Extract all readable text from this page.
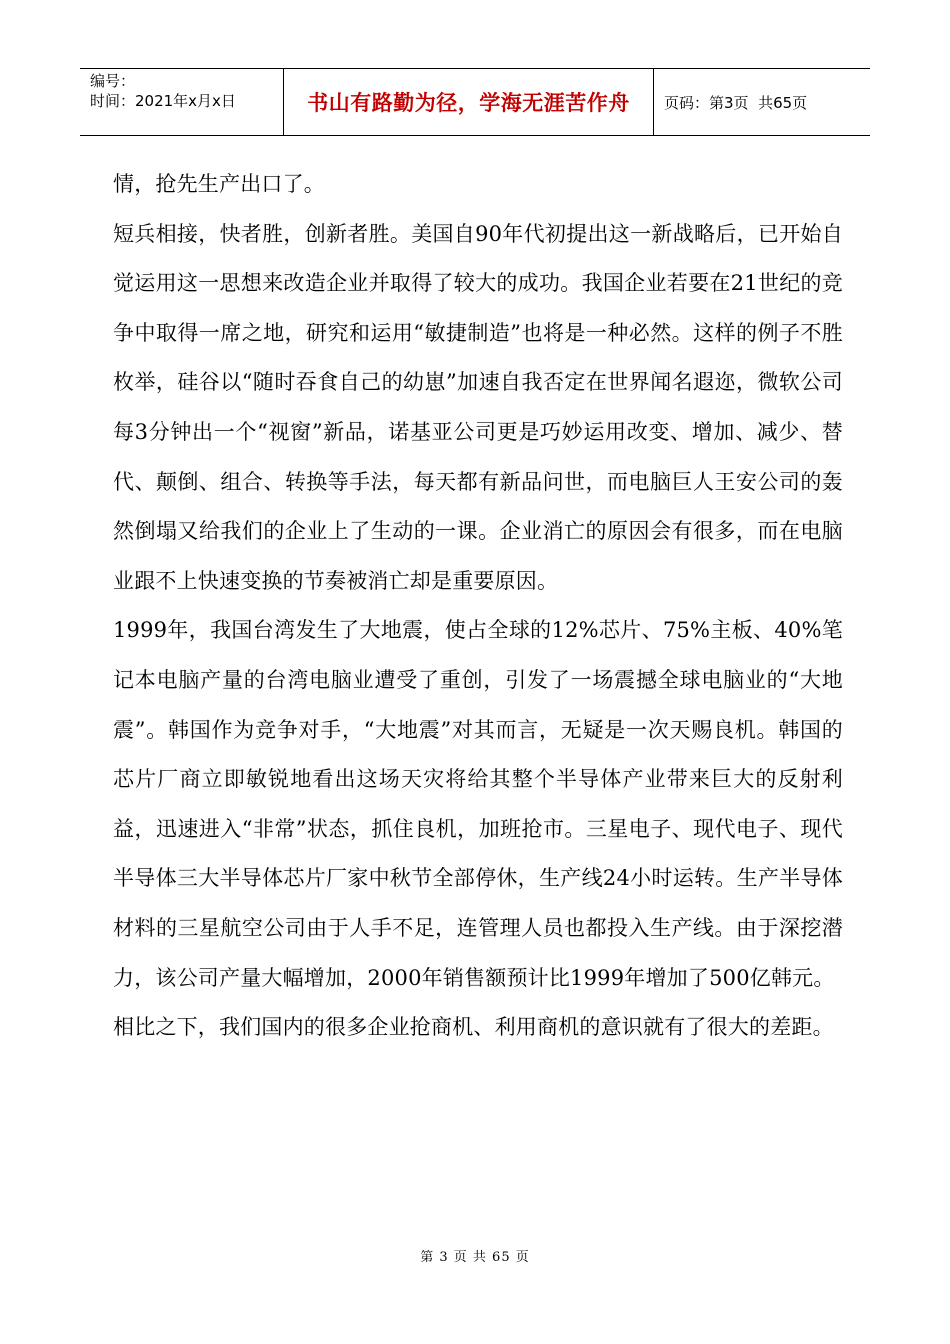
编号：
时间：2021年x月x日	书山有路勤为径，学海无涯苦作舟	页码：第3页  共65页

情，抢先生产出口了。

短兵相接，快者胜，创新者胜。美国自90年代初提出这一新战略后，已开始自觉运用这一思想来改造企业并取得了较大的成功。我国企业若要在21世纪的竞争中取得一席之地，研究和运用“敏捷制造”也将是一种必然。这样的例子不胜枚举，硅谷以“随时吞食自己的幼崽”加速自我否定在世界闻名遐迩，微软公司每3分钟出一个“视窗”新品，诺基亚公司更是巧妙运用改变、增加、减少、替代、颠倒、组合、转换等手法，每天都有新品问世，而电脑巨人王安公司的轰然倒塌又给我们的企业上了生动的一课。企业消亡的原因会有很多，而在电脑业跟不上快速变换的节奏被消亡却是重要原因。

1999年，我国台湾发生了大地震，使占全球的12%芯片、75%主板、40%笔记本电脑产量的台湾电脑业遭受了重创，引发了一场震撼全球电脑业的“大地震”。韩国作为竞争对手，“大地震”对其而言，无疑是一次天赐良机。韩国的芯片厂商立即敏锐地看出这场天灾将给其整个半导体产业带来巨大的反射利益，迅速进入“非常”状态，抓住良机，加班抢市。三星电子、现代电子、现代半导体三大半导体芯片厂家中秋节全部停休，生产线24小时运转。生产半导体材料的三星航空公司由于人手不足，连管理人员也都投入生产线。由于深挖潜力，该公司产量大幅增加，2000年销售额预计比1999年增加了500亿韩元。

相比之下，我们国内的很多企业抢商机、利用商机的意识就有了很大的差距。

第 3 页 共 65 页
